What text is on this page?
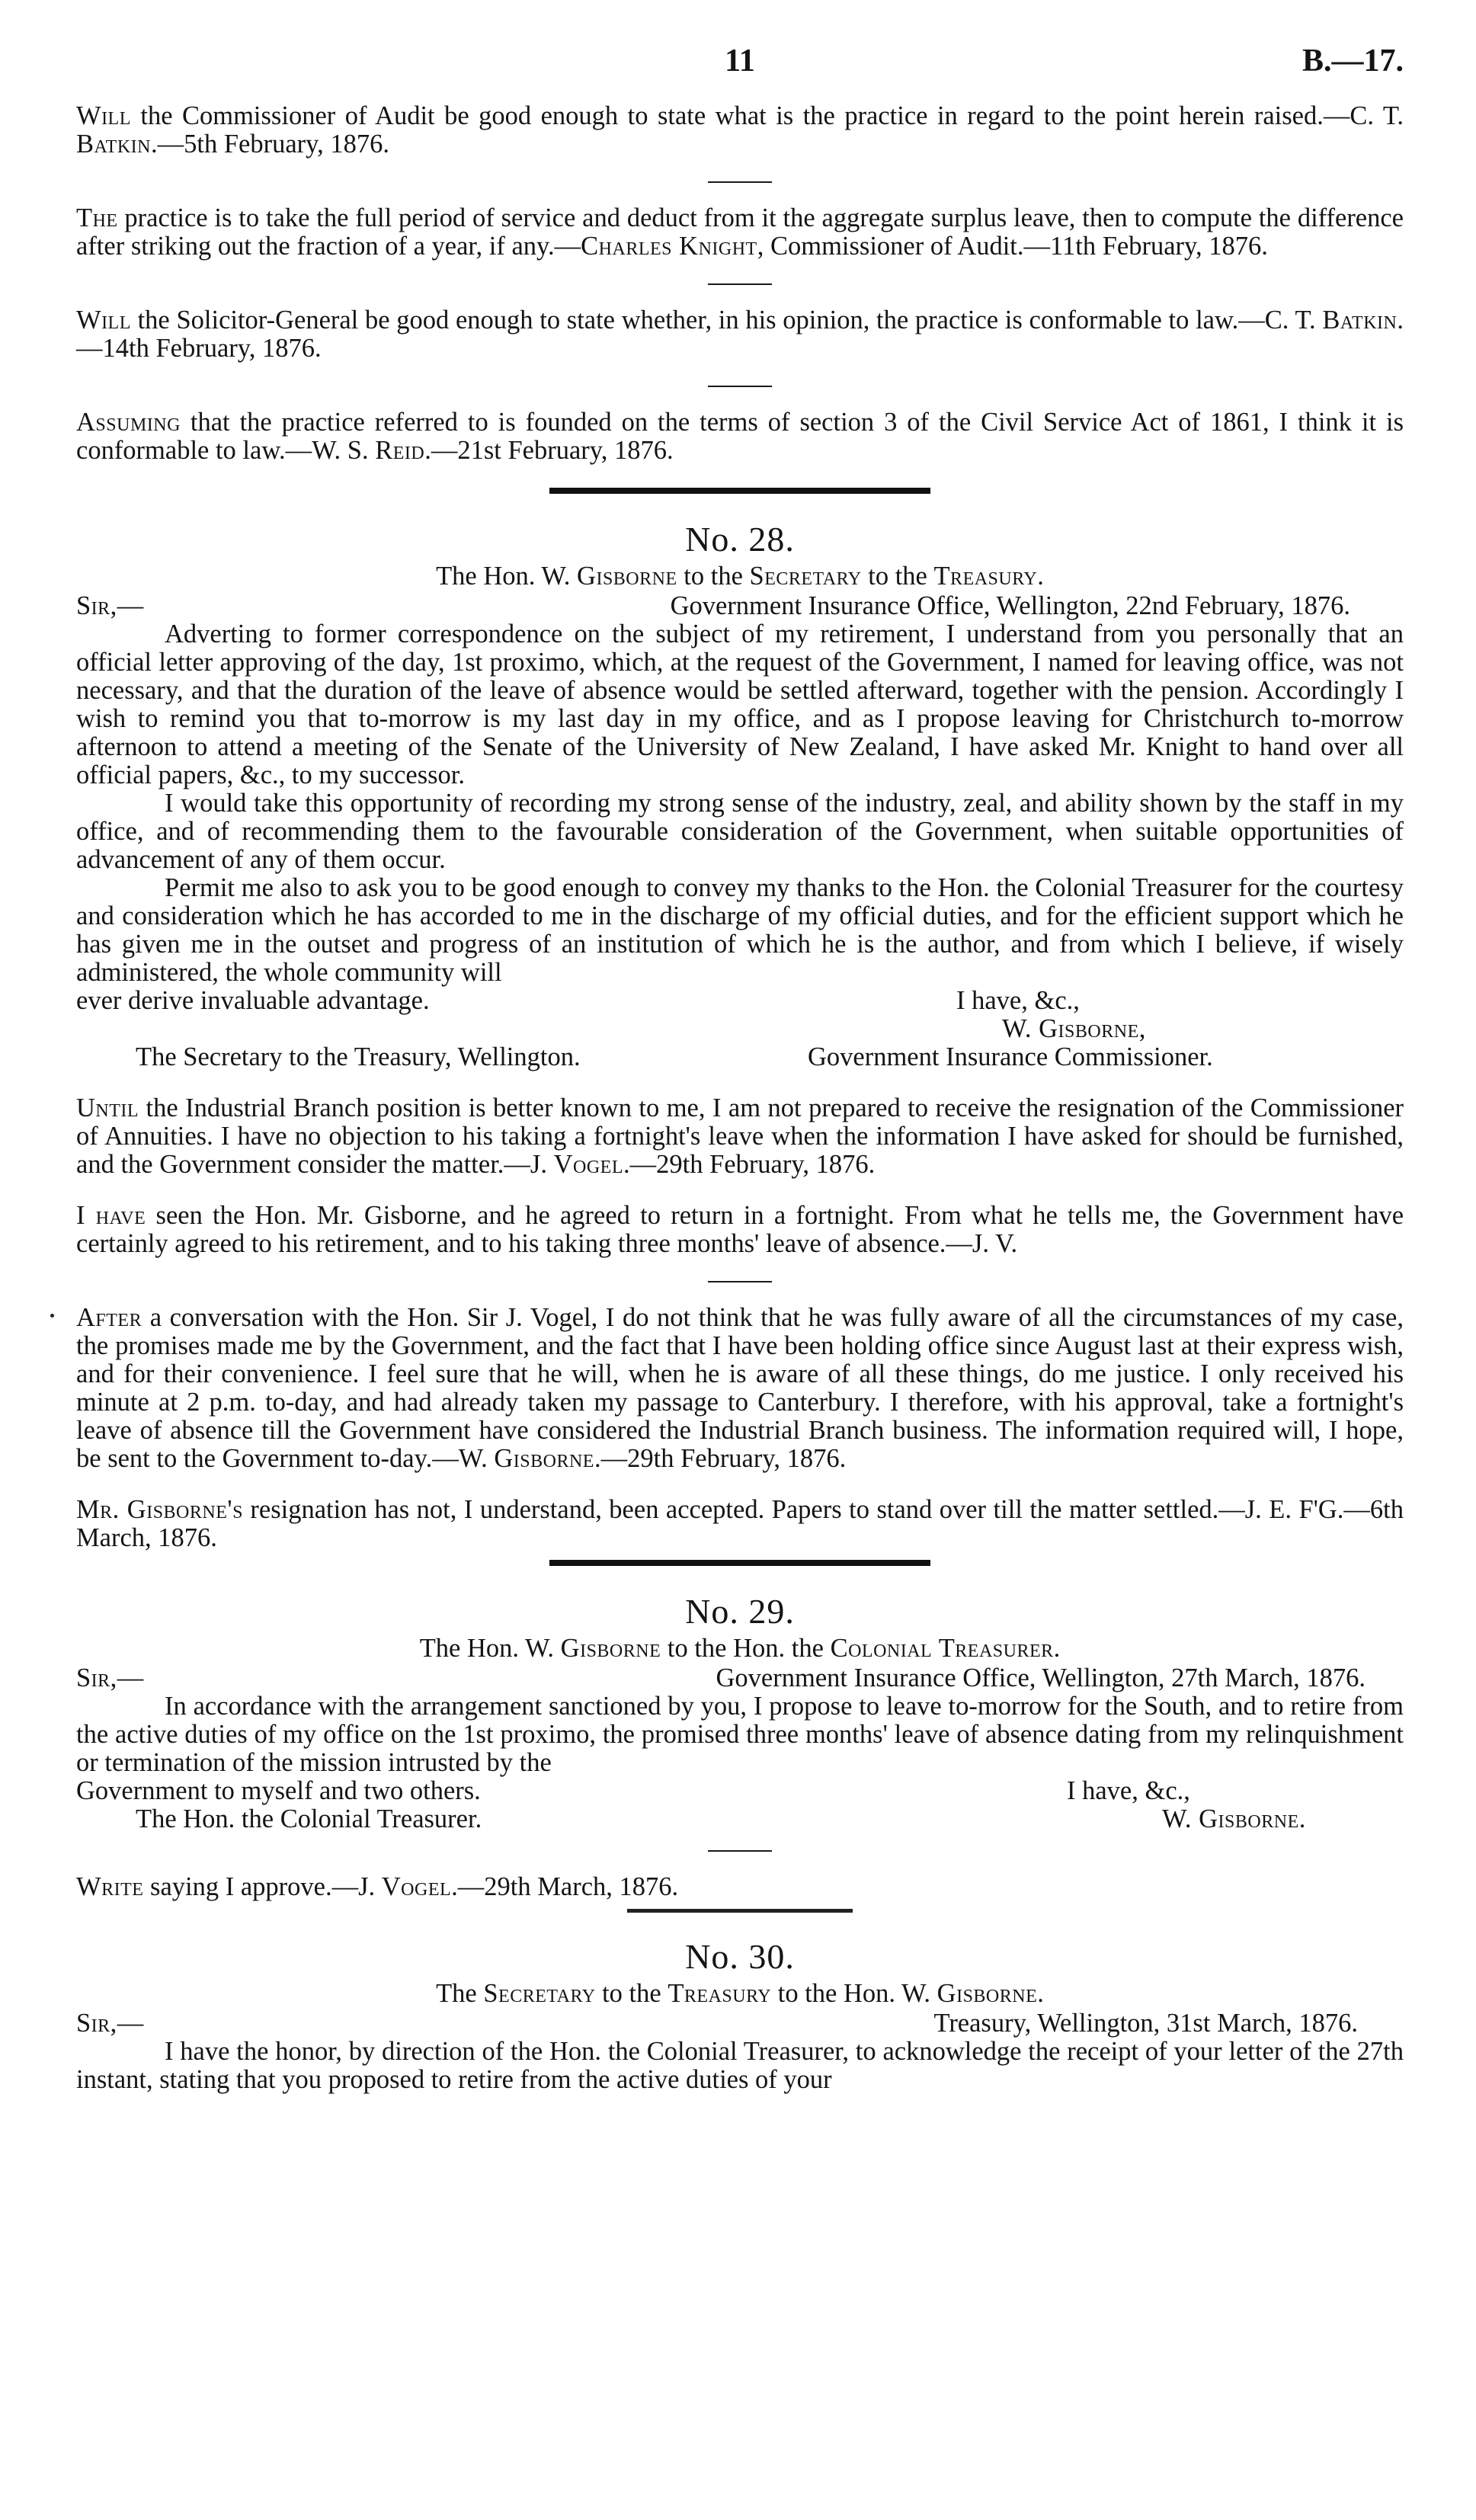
11	B.—17.

Will the Commissioner of Audit be good enough to state what is the practice in regard to the point herein raised.—C. T. Batkin.—5th February, 1876.

The practice is to take the full period of service and deduct from it the aggregate surplus leave, then to compute the difference after striking out the fraction of a year, if any.—Charles Knight, Commissioner of Audit.—11th February, 1876.

Will the Solicitor-General be good enough to state whether, in his opinion, the practice is conformable to law.—C. T. Batkin.—14th February, 1876.

Assuming that the practice referred to is founded on the terms of section 3 of the Civil Service Act of 1861, I think it is conformable to law.—W. S. Reid.—21st February, 1876.

No. 28.
The Hon. W. Gisborne to the Secretary to the Treasury.
Sir,—	Government Insurance Office, Wellington, 22nd February, 1876.

Adverting to former correspondence on the subject of my retirement, I understand from you personally that an official letter approving of the day, 1st proximo, which, at the request of the Government, I named for leaving office, was not necessary, and that the duration of the leave of absence would be settled afterward, together with the pension. Accordingly I wish to remind you that to-morrow is my last day in my office, and as I propose leaving for Christchurch to-morrow afternoon to attend a meeting of the Senate of the University of New Zealand, I have asked Mr. Knight to hand over all official papers, &c., to my successor.

I would take this opportunity of recording my strong sense of the industry, zeal, and ability shown by the staff in my office, and of recommending them to the favourable consideration of the Government, when suitable opportunities of advancement of any of them occur.

Permit me also to ask you to be good enough to convey my thanks to the Hon. the Colonial Treasurer for the courtesy and consideration which he has accorded to me in the discharge of my official duties, and for the efficient support which he has given me in the outset and progress of an institution of which he is the author, and from which I believe, if wisely administered, the whole community will

ever derive invaluable advantage.	I have, &c.,
W. Gisborne,
The Secretary to the Treasury, Wellington.	Government Insurance Commissioner.

Until the Industrial Branch position is better known to me, I am not prepared to receive the resignation of the Commissioner of Annuities. I have no objection to his taking a fortnight's leave when the information I have asked for should be furnished, and the Government consider the matter.—J. Vogel.—29th February, 1876.

I have seen the Hon. Mr. Gisborne, and he agreed to return in a fortnight. From what he tells me, the Government have certainly agreed to his retirement, and to his taking three months' leave of absence.—J. V.

After a conversation with the Hon. Sir J. Vogel, I do not think that he was fully aware of all the circumstances of my case, the promises made me by the Government, and the fact that I have been holding office since August last at their express wish, and for their convenience. I feel sure that he will, when he is aware of all these things, do me justice. I only received his minute at 2 p.m. to-day, and had already taken my passage to Canterbury. I therefore, with his approval, take a fortnight's leave of absence till the Government have considered the Industrial Branch business. The information required will, I hope, be sent to the Government to-day.—W. Gisborne.—29th February, 1876.

Mr. Gisborne's resignation has not, I understand, been accepted. Papers to stand over till the matter settled.—J. E. F'G.—6th March, 1876.

No. 29.
The Hon. W. Gisborne to the Hon. the Colonial Treasurer.
Sir,—	Government Insurance Office, Wellington, 27th March, 1876.

In accordance with the arrangement sanctioned by you, I propose to leave to-morrow for the South, and to retire from the active duties of my office on the 1st proximo, the promised three months' leave of absence dating from my relinquishment or termination of the mission intrusted by the

Government to myself and two others.	I have, &c.,
The Hon. the Colonial Treasurer.	W. Gisborne.

Write saying I approve.—J. Vogel.—29th March, 1876.

No. 30.
The Secretary to the Treasury to the Hon. W. Gisborne.
Sir,—	Treasury, Wellington, 31st March, 1876.

I have the honor, by direction of the Hon. the Colonial Treasurer, to acknowledge the receipt of your letter of the 27th instant, stating that you proposed to retire from the active duties of your
